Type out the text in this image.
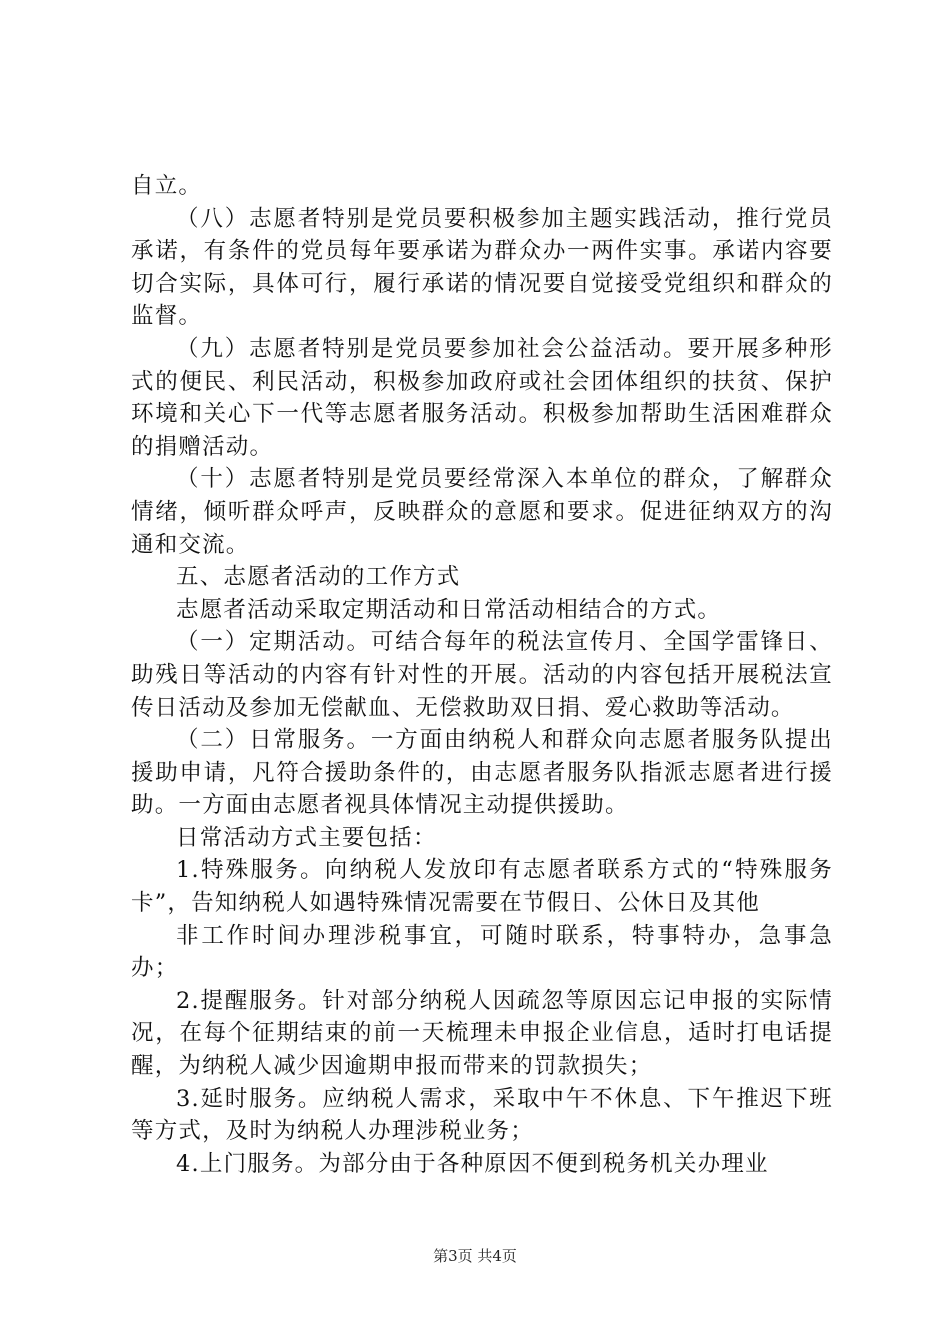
自立。

（八）志愿者特别是党员要积极参加主题实践活动，推行党员承诺，有条件的党员每年要承诺为群众办一两件实事。承诺内容要切合实际，具体可行，履行承诺的情况要自觉接受党组织和群众的监督。

（九）志愿者特别是党员要参加社会公益活动。要开展多种形式的便民、利民活动，积极参加政府或社会团体组织的扶贫、保护环境和关心下一代等志愿者服务活动。积极参加帮助生活困难群众的捐赠活动。

（十）志愿者特别是党员要经常深入本单位的群众，了解群众情绪，倾听群众呼声，反映群众的意愿和要求。促进征纳双方的沟通和交流。

五、志愿者活动的工作方式

志愿者活动采取定期活动和日常活动相结合的方式。

（一）定期活动。可结合每年的税法宣传月、全国学雷锋日、助残日等活动的内容有针对性的开展。活动的内容包括开展税法宣传日活动及参加无偿献血、无偿救助双日捐、爱心救助等活动。

（二）日常服务。一方面由纳税人和群众向志愿者服务队提出援助申请，凡符合援助条件的，由志愿者服务队指派志愿者进行援助。一方面由志愿者视具体情况主动提供援助。

日常活动方式主要包括：

1.特殊服务。向纳税人发放印有志愿者联系方式的“特殊服务卡”，告知纳税人如遇特殊情况需要在节假日、公休日及其他

非工作时间办理涉税事宜，可随时联系，特事特办，急事急办；

2.提醒服务。针对部分纳税人因疏忽等原因忘记申报的实际情况，在每个征期结束的前一天梳理未申报企业信息，适时打电话提醒，为纳税人减少因逾期申报而带来的罚款损失；

3.延时服务。应纳税人需求，采取中午不休息、下午推迟下班等方式，及时为纳税人办理涉税业务；

4.上门服务。为部分由于各种原因不便到税务机关办理业

第3页 共4页
